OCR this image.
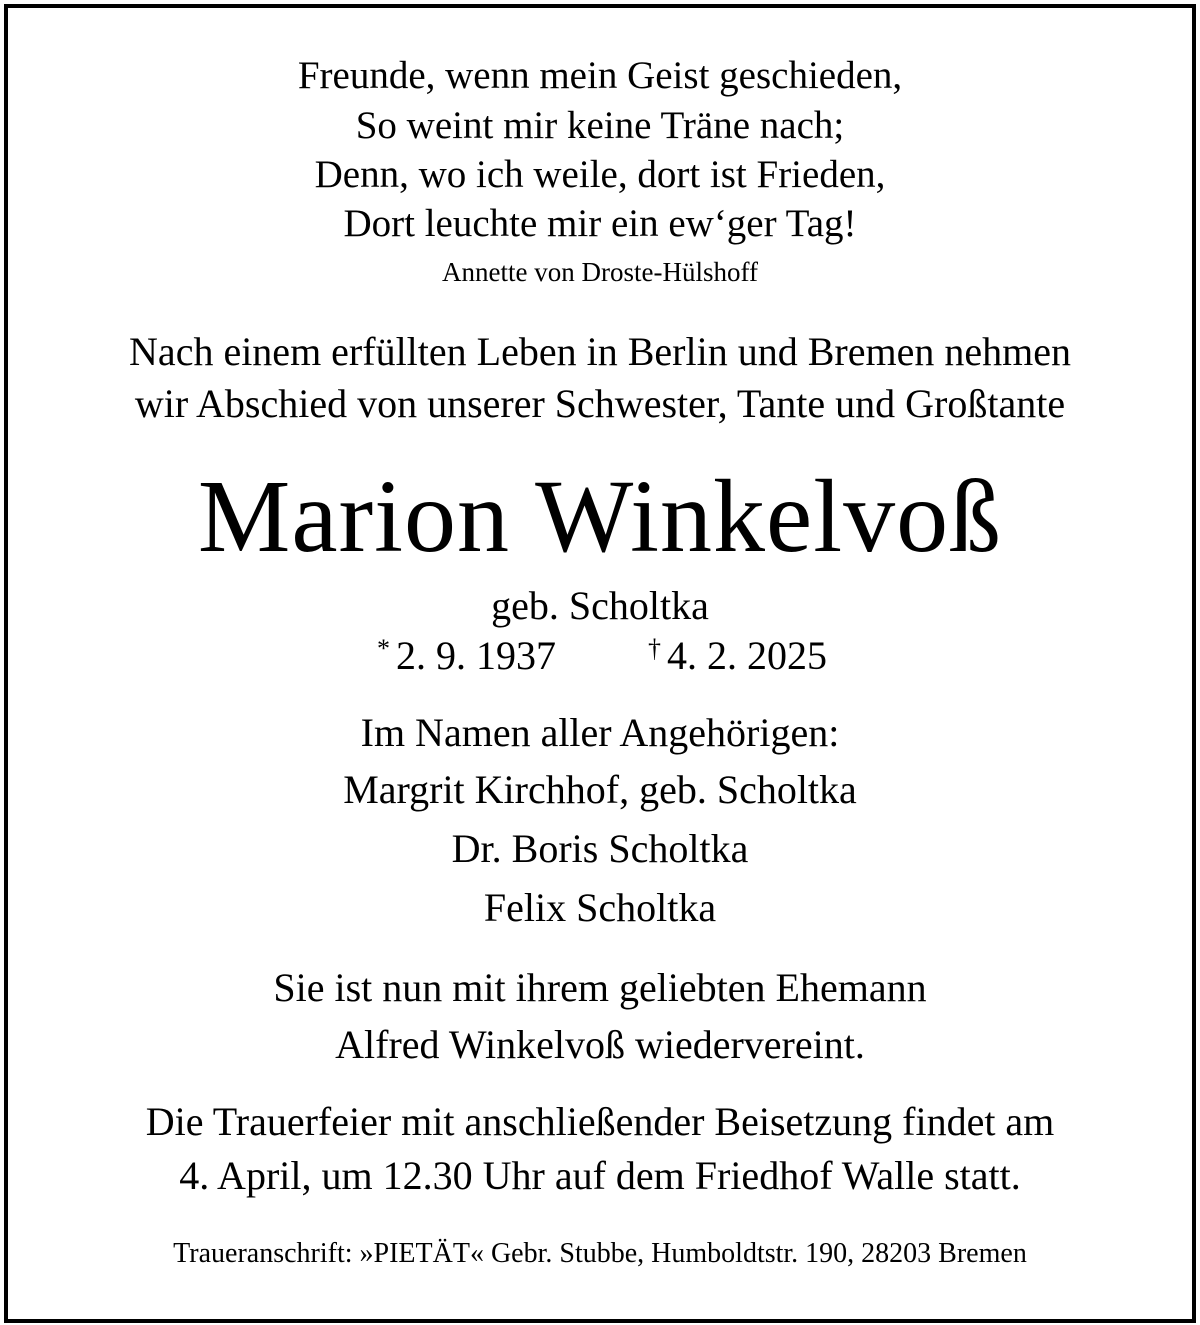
Freunde, wenn mein Geist geschieden,
So weint mir keine Träne nach;
Denn, wo ich weile, dort ist Frieden,
Dort leuchte mir ein ew‘ger Tag!
Annette von Droste-Hülshoff
Nach einem erfüllten Leben in Berlin und Bremen nehmen
wir Abschied von unserer Schwester, Tante und Großtante
Marion Winkelvoß
geb. Scholtka
* 2. 9. 1937	† 4. 2. 2025
Im Namen aller Angehörigen:
Margrit Kirchhof, geb. Scholtka
Dr. Boris Scholtka
Felix Scholtka
Sie ist nun mit ihrem geliebten Ehemann
Alfred Winkelvoß wiedervereint.
Die Trauerfeier mit anschließender Beisetzung findet am
4. April, um 12.30 Uhr auf dem Friedhof Walle statt.
Traueranschrift: »PIETÄT« Gebr. Stubbe, Humboldtstr. 190, 28203 Bremen
